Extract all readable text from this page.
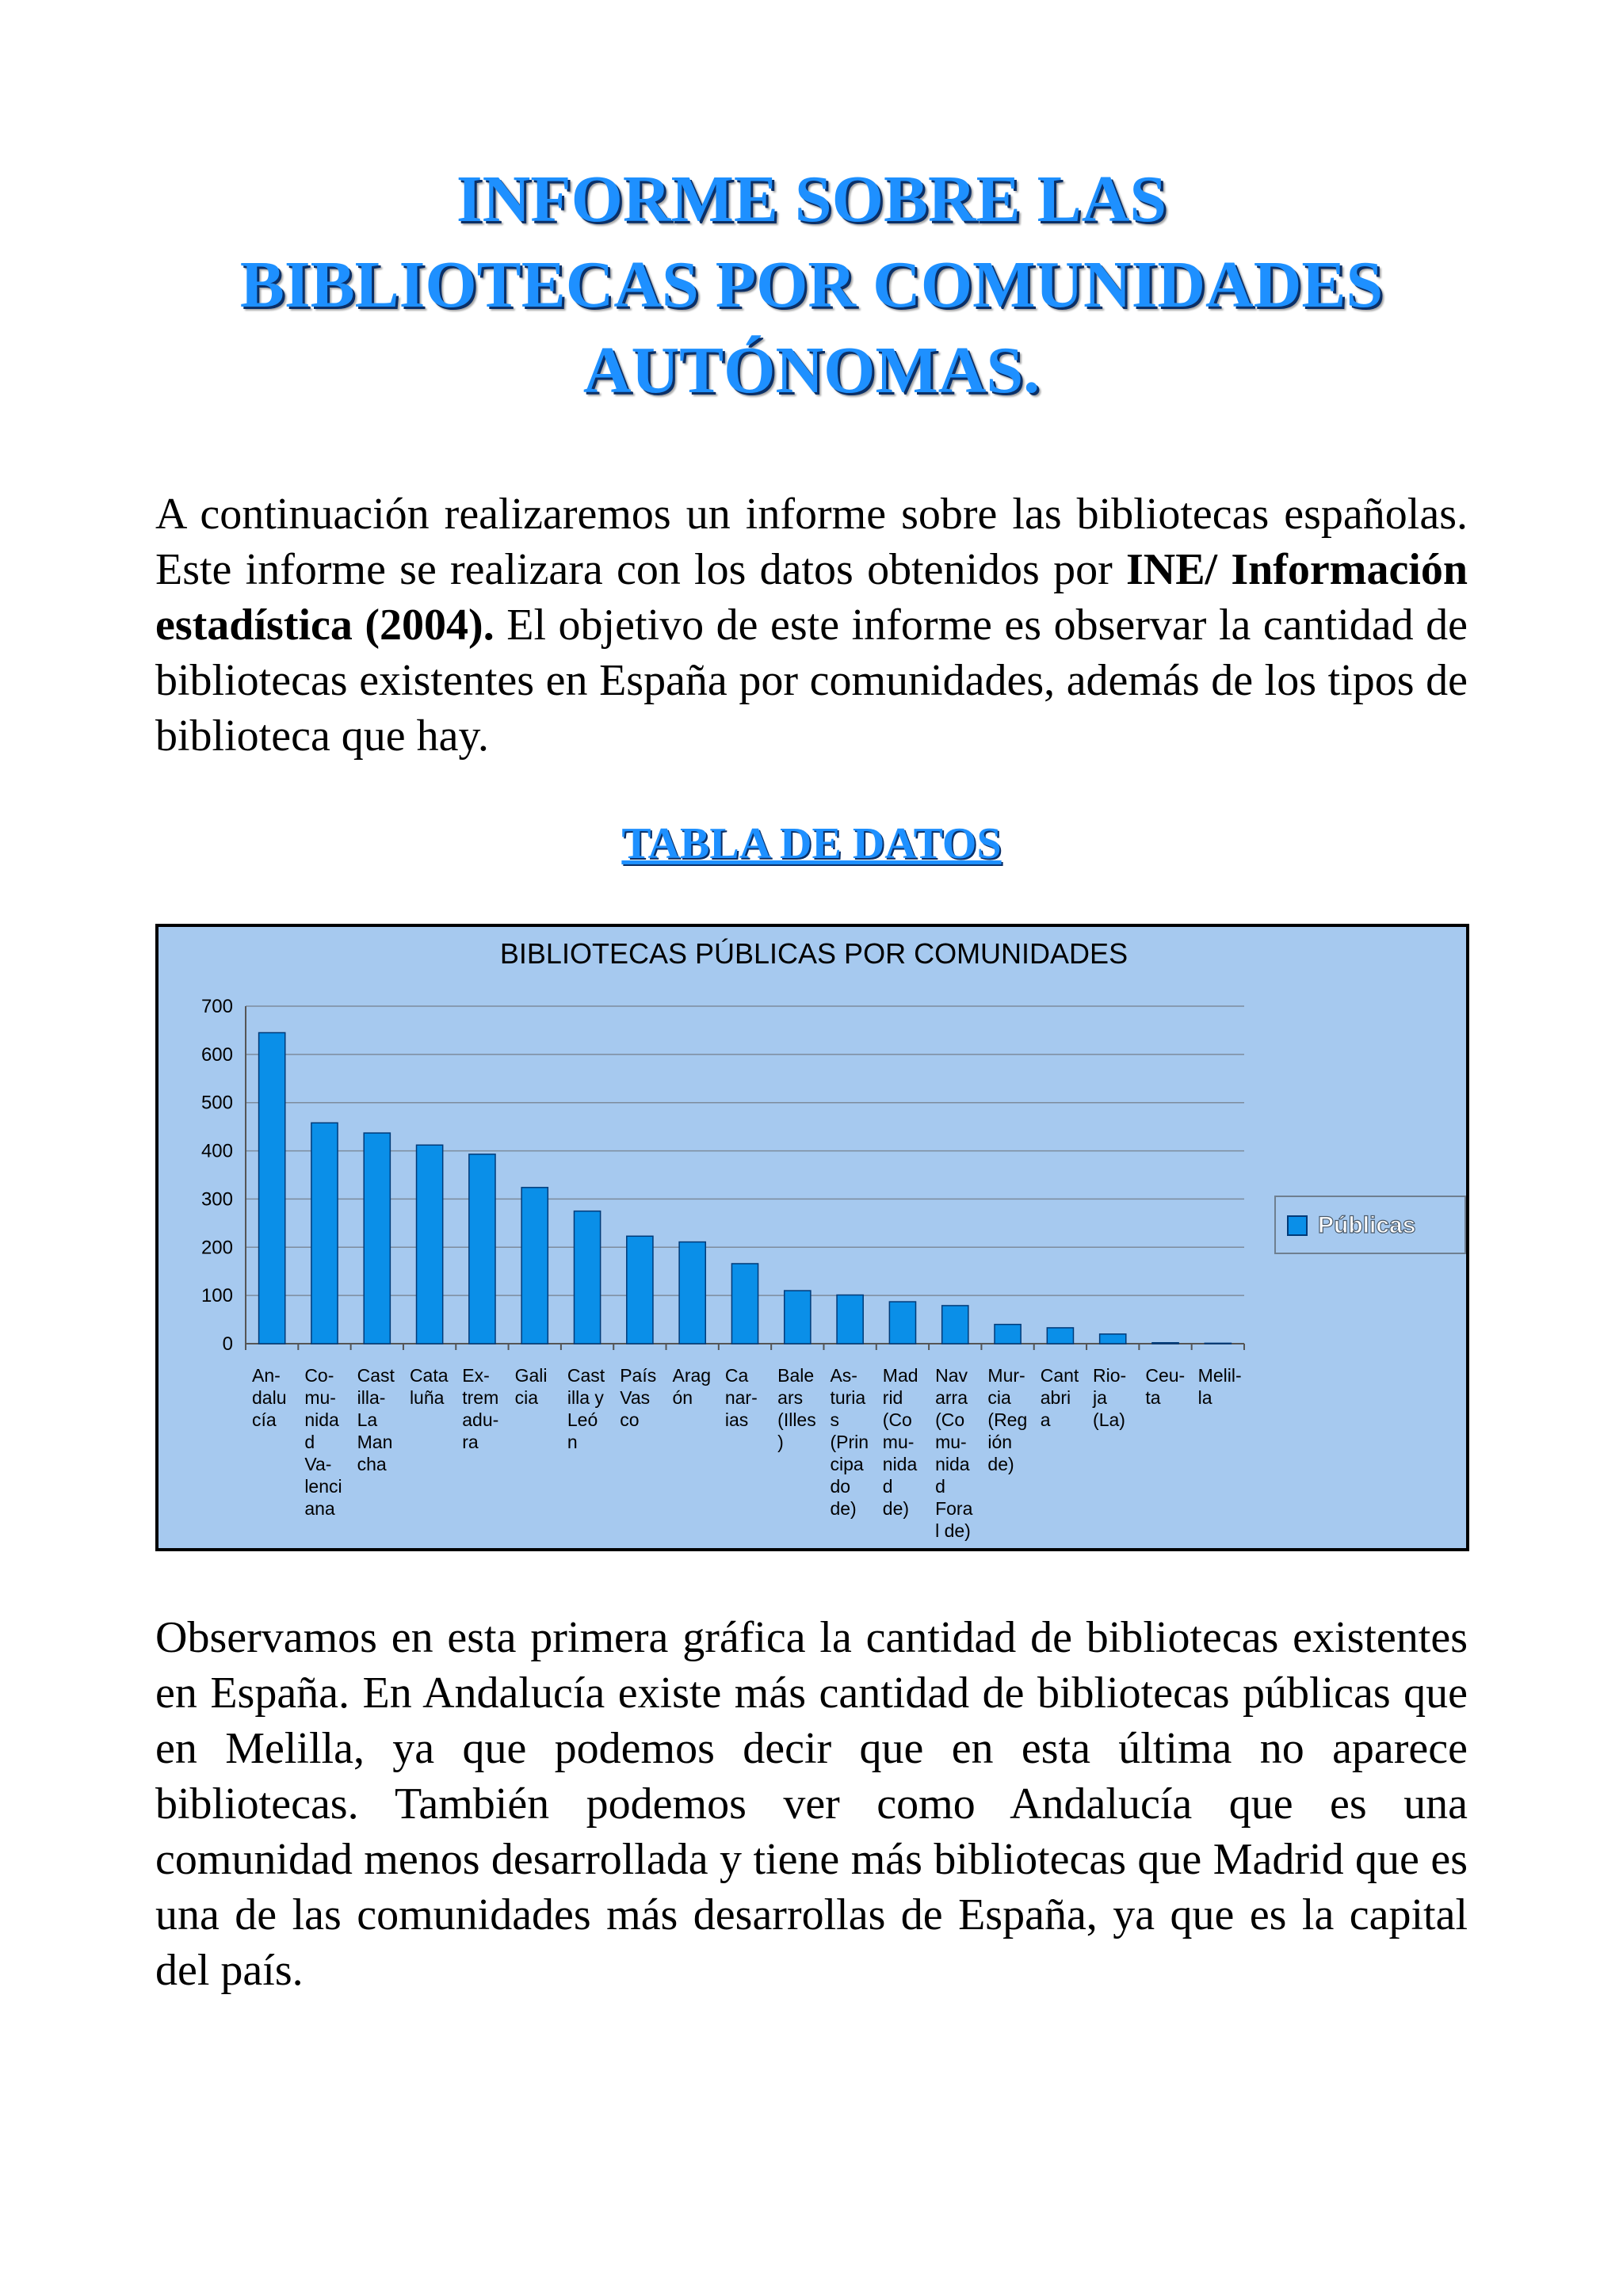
INFORME SOBRE LAS
BIBLIOTECAS POR COMUNIDADES
AUTÓNOMAS.

A continuación realizaremos un informe sobre las bibliotecas españolas. Este informe se realizara con los datos obtenidos por INE/ Información estadística (2004). El objetivo de este informe es observar la cantidad de bibliotecas existentes en España por comunidades, además de los tipos de biblioteca que hay.

TABLA DE DATOS
BIBLIOTECAS PÚBLICAS POR COMUNIDADES
0
100
200
300
400
500
600
700
An-
dalu
cía
Co-
mu-
nida
d
Va-
lenci
ana
Cast
illa-
La
Man
cha
Cata
luña
Ex-
trem
adu-
ra
Gali
cia
Cast
illa y
Leó
n
País
Vas
co
Arag
ón
Ca
nar-
ias
Bale
ars
(Illes
)
As-
turia
s
(Prin
cipa
do
de)
Mad
rid
(Co
mu-
nida
d
de)
Nav
arra
(Co
mu-
nida
d
Fora
l de)
Mur-
cia
(Reg
ión
de)
Cant
abri
a
Rio-
ja
(La)
Ceu-
ta
Melil-
la
Públicas

Observamos en esta primera gráfica la cantidad de bibliotecas existentes en España. En Andalucía existe más cantidad de bibliotecas públicas que en Melilla, ya que podemos decir que en esta última no aparece bibliotecas. También podemos ver como Andalucía que es una comunidad menos desarrollada y tiene más bibliotecas que Madrid que es una de las comunidades más desarrollas de España, ya que es la capital del país.
